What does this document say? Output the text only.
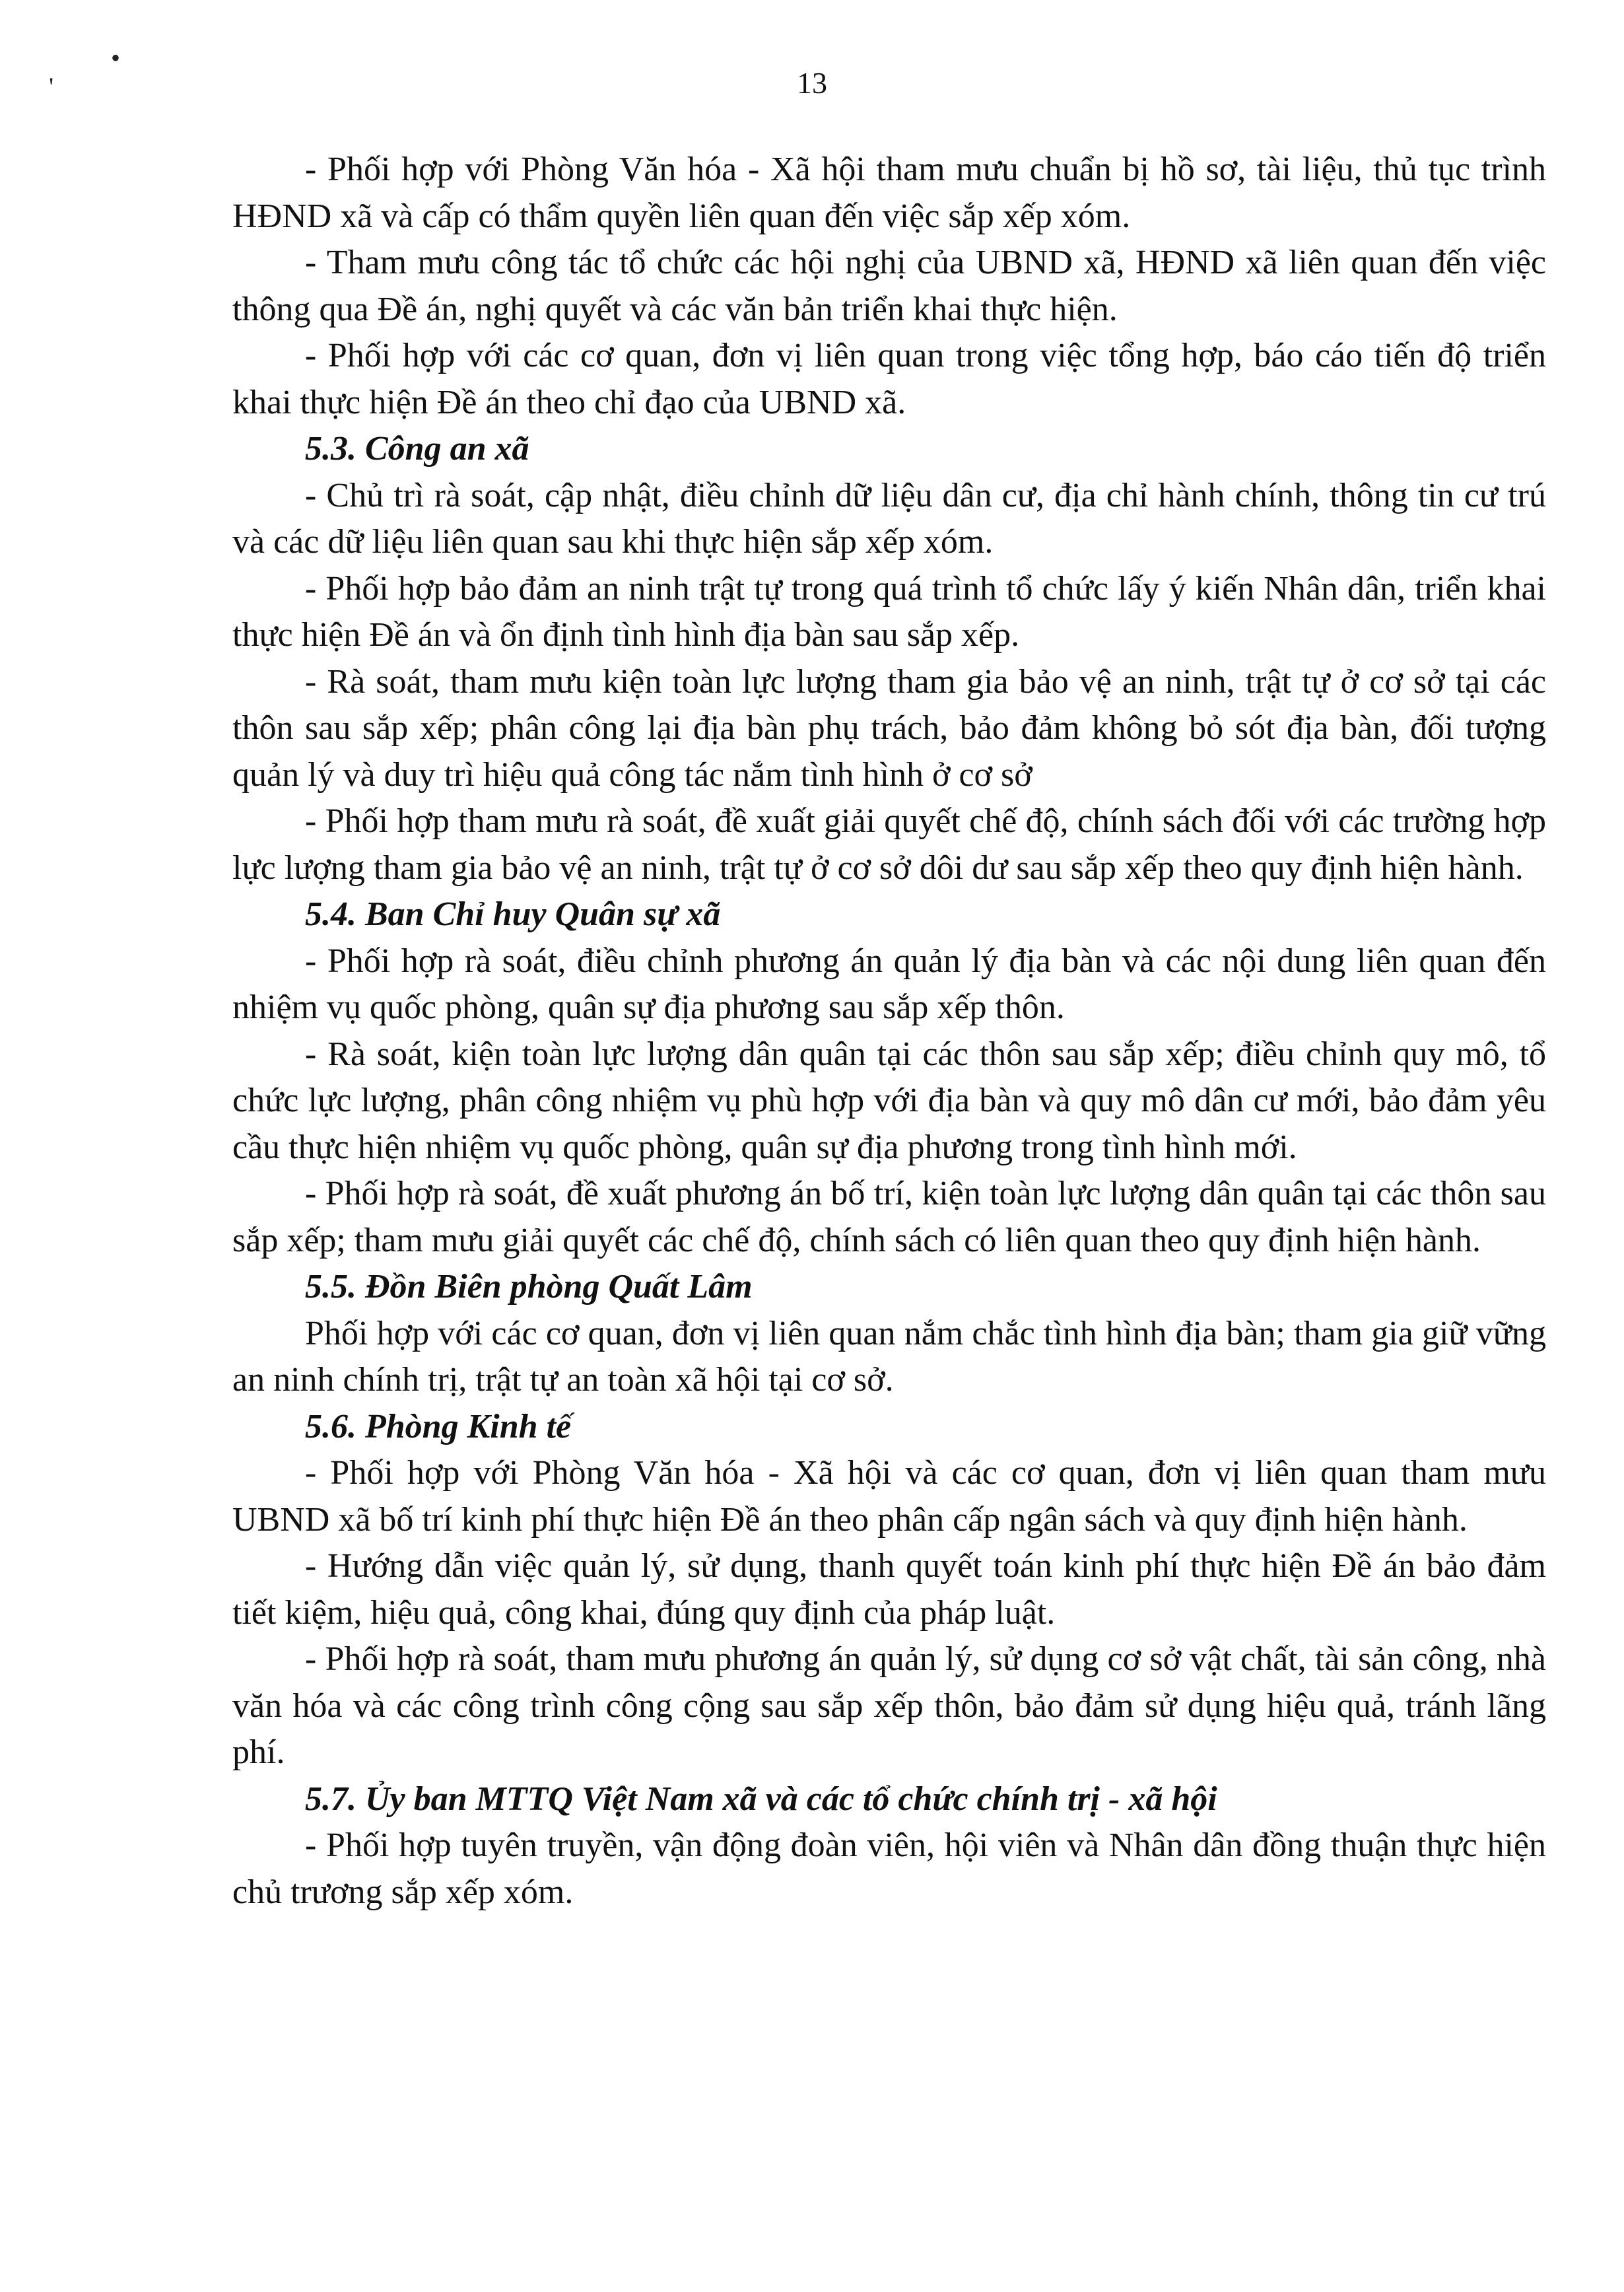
•
'	13

- Phối hợp với Phòng Văn hóa - Xã hội tham mưu chuẩn bị hồ sơ, tài liệu, thủ tục trình HĐND xã và cấp có thẩm quyền liên quan đến việc sắp xếp xóm.

- Tham mưu công tác tổ chức các hội nghị của UBND xã, HĐND xã liên quan đến việc thông qua Đề án, nghị quyết và các văn bản triển khai thực hiện.

- Phối hợp với các cơ quan, đơn vị liên quan trong việc tổng hợp, báo cáo tiến độ triển khai thực hiện Đề án theo chỉ đạo của UBND xã.

5.3. Công an xã

- Chủ trì rà soát, cập nhật, điều chỉnh dữ liệu dân cư, địa chỉ hành chính, thông tin cư trú và các dữ liệu liên quan sau khi thực hiện sắp xếp xóm.

- Phối hợp bảo đảm an ninh trật tự trong quá trình tổ chức lấy ý kiến Nhân dân, triển khai thực hiện Đề án và ổn định tình hình địa bàn sau sắp xếp.

- Rà soát, tham mưu kiện toàn lực lượng tham gia bảo vệ an ninh, trật tự ở cơ sở tại các thôn sau sắp xếp; phân công lại địa bàn phụ trách, bảo đảm không bỏ sót địa bàn, đối tượng quản lý và duy trì hiệu quả công tác nắm tình hình ở cơ sở

- Phối hợp tham mưu rà soát, đề xuất giải quyết chế độ, chính sách đối với các trường hợp lực lượng tham gia bảo vệ an ninh, trật tự ở cơ sở dôi dư sau sắp xếp theo quy định hiện hành.

5.4. Ban Chỉ huy Quân sự xã

- Phối hợp rà soát, điều chỉnh phương án quản lý địa bàn và các nội dung liên quan đến nhiệm vụ quốc phòng, quân sự địa phương sau sắp xếp thôn.

- Rà soát, kiện toàn lực lượng dân quân tại các thôn sau sắp xếp; điều chỉnh quy mô, tổ chức lực lượng, phân công nhiệm vụ phù hợp với địa bàn và quy mô dân cư mới, bảo đảm yêu cầu thực hiện nhiệm vụ quốc phòng, quân sự địa phương trong tình hình mới.

- Phối hợp rà soát, đề xuất phương án bố trí, kiện toàn lực lượng dân quân tại các thôn sau sắp xếp; tham mưu giải quyết các chế độ, chính sách có liên quan theo quy định hiện hành.

5.5. Đồn Biên phòng Quất Lâm

Phối hợp với các cơ quan, đơn vị liên quan nắm chắc tình hình địa bàn; tham gia giữ vững an ninh chính trị, trật tự an toàn xã hội tại cơ sở.

5.6. Phòng Kinh tế

- Phối hợp với Phòng Văn hóa - Xã hội và các cơ quan, đơn vị liên quan tham mưu UBND xã bố trí kinh phí thực hiện Đề án theo phân cấp ngân sách và quy định hiện hành.

- Hướng dẫn việc quản lý, sử dụng, thanh quyết toán kinh phí thực hiện Đề án bảo đảm tiết kiệm, hiệu quả, công khai, đúng quy định của pháp luật.

- Phối hợp rà soát, tham mưu phương án quản lý, sử dụng cơ sở vật chất, tài sản công, nhà văn hóa và các công trình công cộng sau sắp xếp thôn, bảo đảm sử dụng hiệu quả, tránh lãng phí.

5.7. Ủy ban MTTQ Việt Nam xã và các tổ chức chính trị - xã hội

- Phối hợp tuyên truyền, vận động đoàn viên, hội viên và Nhân dân đồng thuận thực hiện chủ trương sắp xếp xóm.
